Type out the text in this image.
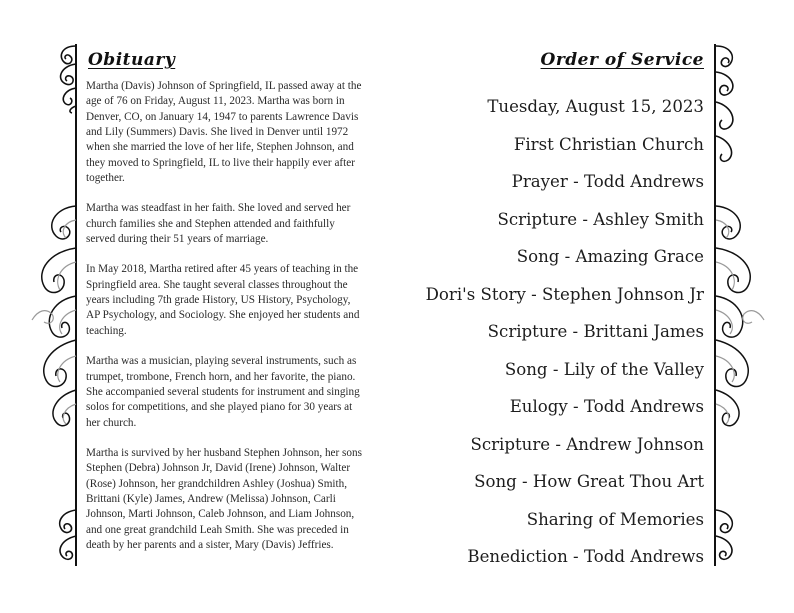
Obituary	Order of Service

Martha (Davis) Johnson of Springfield, IL passed away at the age of 76 on Friday, August 11, 2023. Martha was born in Denver, CO, on January 14, 1947 to parents Lawrence Davis and Lily (Summers) Davis. She lived in Denver until 1972 when she married the love of her life, Stephen Johnson, and they moved to Springfield, IL to live their happily ever after together.

Martha was steadfast in her faith. She loved and served her church families she and Stephen attended and faithfully served during their 51 years of marriage.

In May 2018, Martha retired after 45 years of teaching in the Springfield area. She taught several classes throughout the years including 7th grade History, US History, Psychology, AP Psychology, and Sociology. She enjoyed her students and teaching.

Martha was a musician, playing several instruments, such as trumpet, trombone, French horn, and her favorite, the piano. She accompanied several students for instrument and singing solos for competitions, and she played piano for 30 years at her church.

Martha is survived by her husband Stephen Johnson, her sons Stephen (Debra) Johnson Jr, David (Irene) Johnson, Walter (Rose) Johnson, her grandchildren Ashley (Joshua) Smith, Brittani (Kyle) James, Andrew (Melissa) Johnson, Carli Johnson, Marti Johnson, Caleb Johnson, and Liam Johnson, and one great grandchild Leah Smith. She was preceded in death by her parents and a sister, Mary (Davis) Jeffries.

Tuesday, August 15, 2023
First Christian Church
Prayer - Todd Andrews
Scripture - Ashley Smith
Song - Amazing Grace
Dori's Story - Stephen Johnson Jr
Scripture - Brittani James
Song - Lily of the Valley
Eulogy - Todd Andrews
Scripture - Andrew Johnson
Song - How Great Thou Art
Sharing of Memories
Benediction - Todd Andrews
